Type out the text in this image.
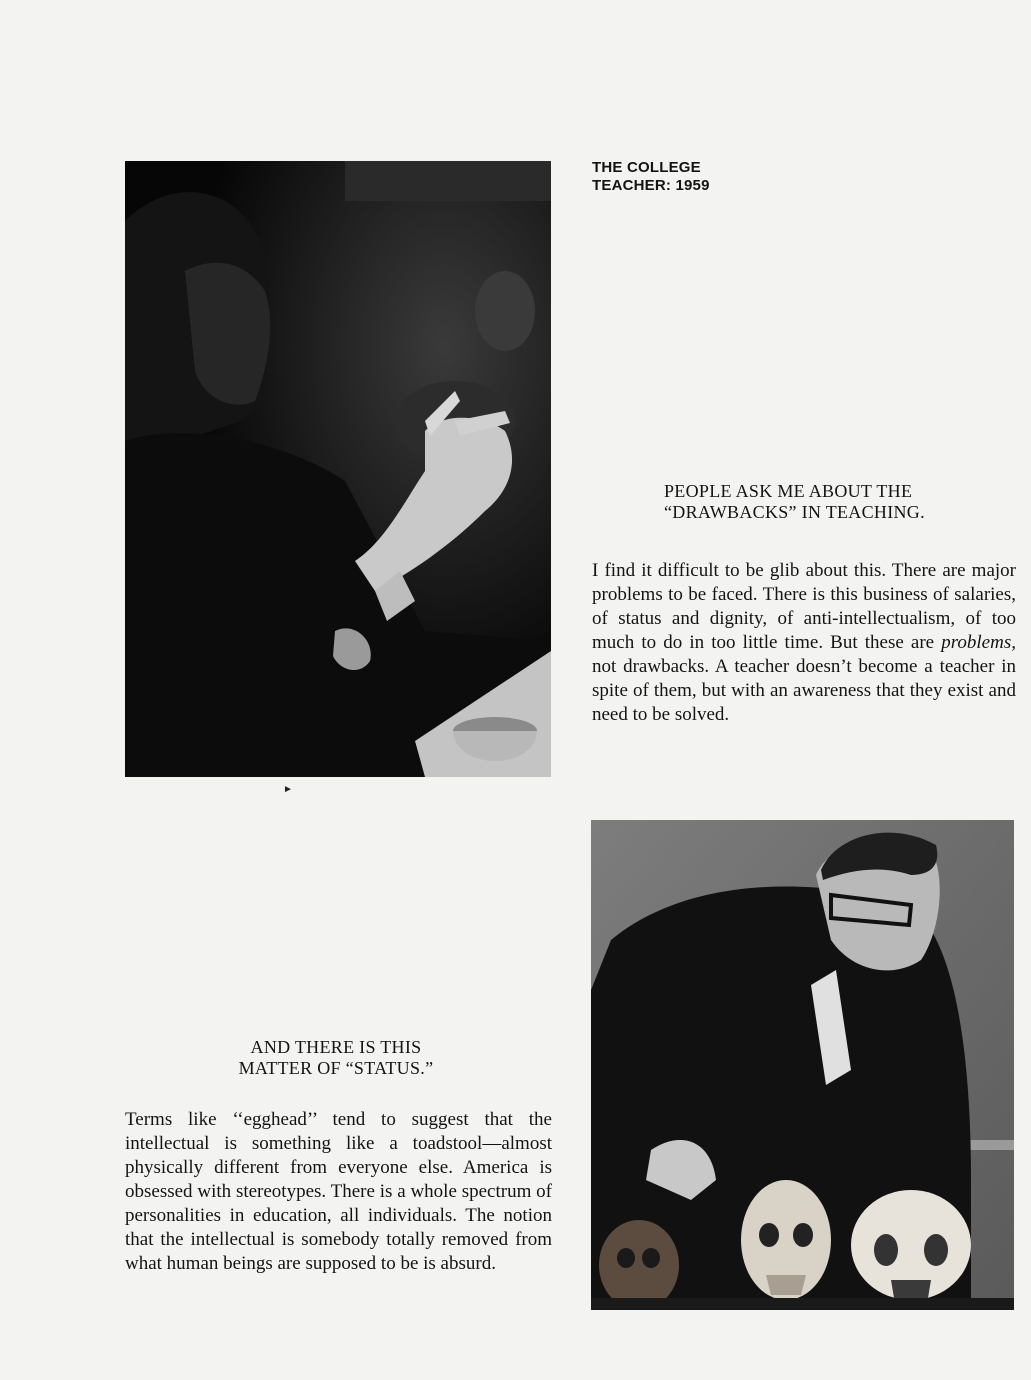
THE COLLEGE
TEACHER: 1959
PEOPLE ASK ME ABOUT THE
“DRAWBACKS” IN TEACHING.

I find it difficult to be glib about this. There are major problems to be faced. There is this business of salaries, of status and dignity, of anti-intellectualism, of too much to do in too little time. But these are problems, not drawbacks. A teacher doesn’t become a teacher in spite of them, but with an awareness that they exist and need to be solved.

►
AND THERE IS THIS
MATTER OF “STATUS.”

Terms like ‘‘egghead’’ tend to suggest that the intellectual is something like a toadstool—almost physically different from everyone else. America is obsessed with stereotypes. There is a whole spectrum of personalities in education, all individuals. The notion that the intellectual is somebody totally removed from what human beings are supposed to be is absurd.
